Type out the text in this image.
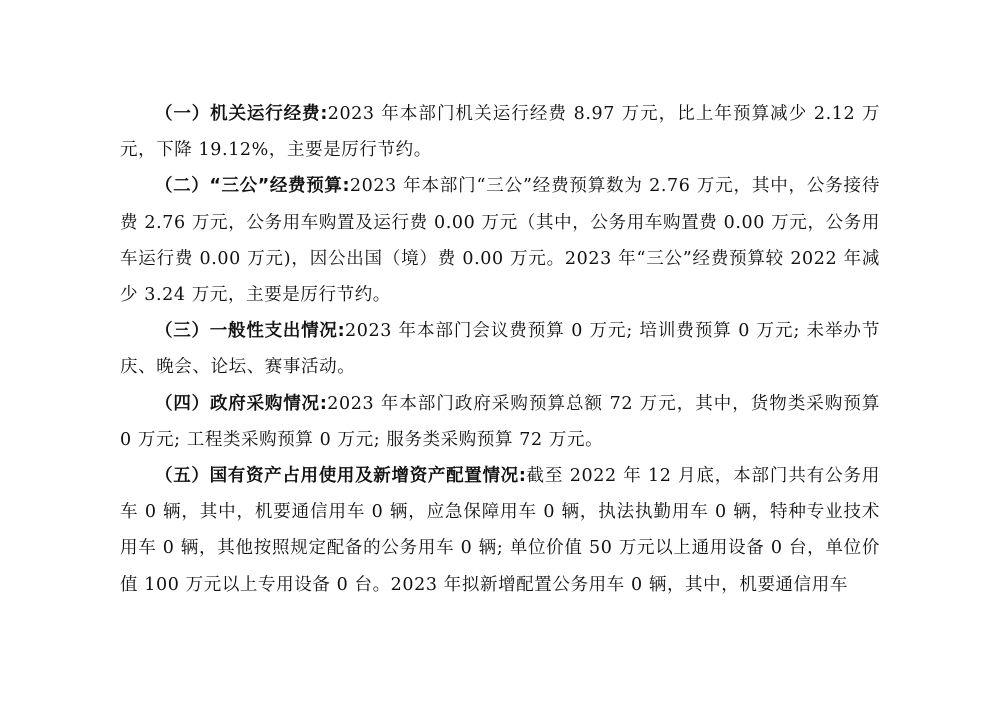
（一）机关运行经费:2023 年本部门机关运行经费 8.97 万元，比上年预算减少 2.12 万元，下降 19.12%，主要是厉行节约。

（二）“三公”经费预算:2023 年本部门“三公”经费预算数为 2.76 万元，其中，公务接待费 2.76 万元，公务用车购置及运行费 0.00 万元（其中，公务用车购置费 0.00 万元，公务用车运行费 0.00 万元)，因公出国（境）费 0.00 万元。2023 年“三公”经费预算较 2022 年减少 3.24 万元，主要是厉行节约。

（三）一般性支出情况:2023 年本部门会议费预算 0 万元; 培训费预算 0 万元; 未举办节庆、晚会、论坛、赛事活动。

（四）政府采购情况:2023 年本部门政府采购预算总额 72 万元，其中，货物类采购预算 0 万元; 工程类采购预算 0 万元; 服务类采购预算 72 万元。

（五）国有资产占用使用及新增资产配置情况:截至 2022 年 12 月底，本部门共有公务用车 0 辆，其中，机要通信用车 0 辆，应急保障用车 0 辆，执法执勤用车 0 辆，特种专业技术用车 0 辆，其他按照规定配备的公务用车 0 辆; 单位价值 50 万元以上通用设备 0 台，单位价值 100 万元以上专用设备 0 台。2023 年拟新增配置公务用车 0 辆，其中，机要通信用车
